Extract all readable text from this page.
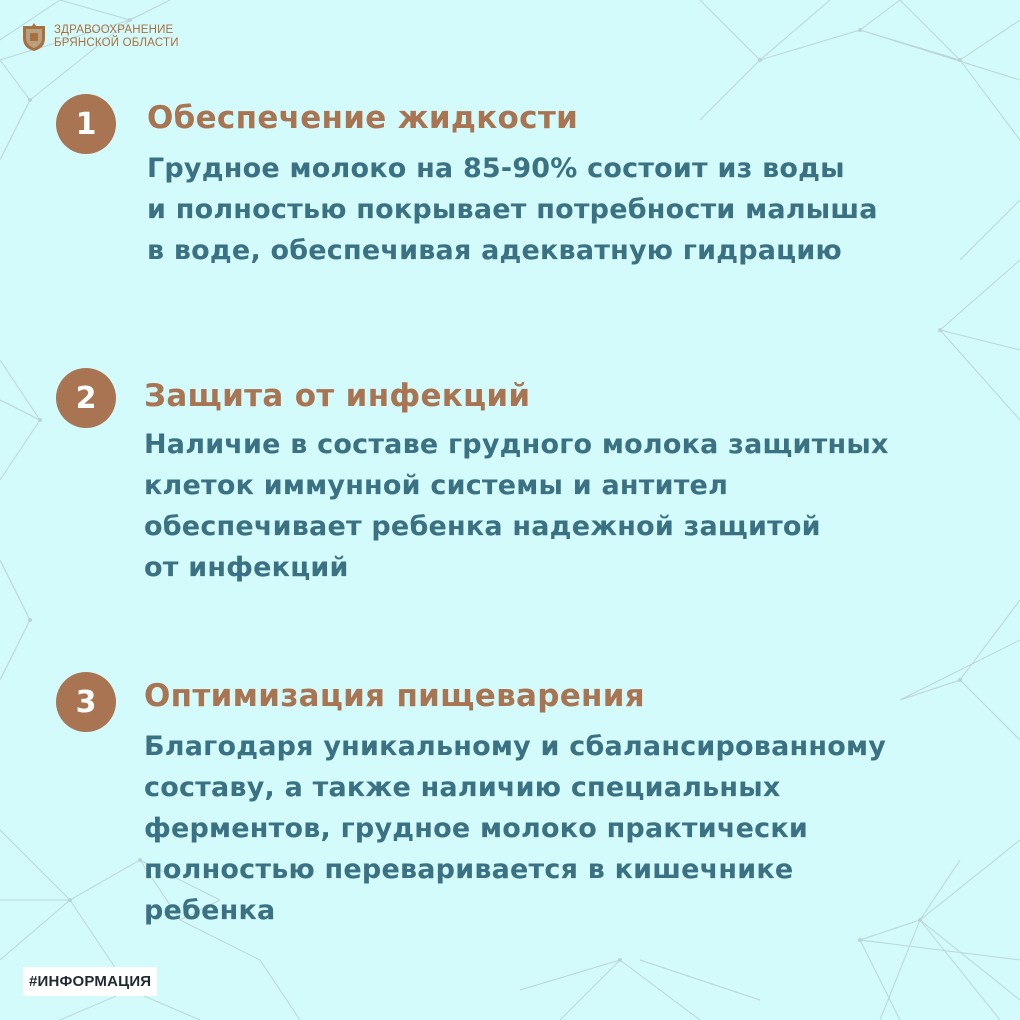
ЗДРАВООХРАНЕНИЕ
БРЯНСКОЙ ОБЛАСТИ
1	Обеспечение жидкости
Грудное молоко на 85-90% состоит из воды
и полностью покрывает потребности малыша
в воде, обеспечивая адекватную гидрацию
2	Защита от инфекций
Наличие в составе грудного молока защитных
клеток иммунной системы и антител
обеспечивает ребенка надежной защитой
от инфекций
3	Оптимизация пищеварения
Благодаря уникальному и сбалансированному
составу, а также наличию специальных
ферментов, грудное молоко практически
полностью переваривается в кишечнике
ребенка
#ИНФОРМАЦИЯ
